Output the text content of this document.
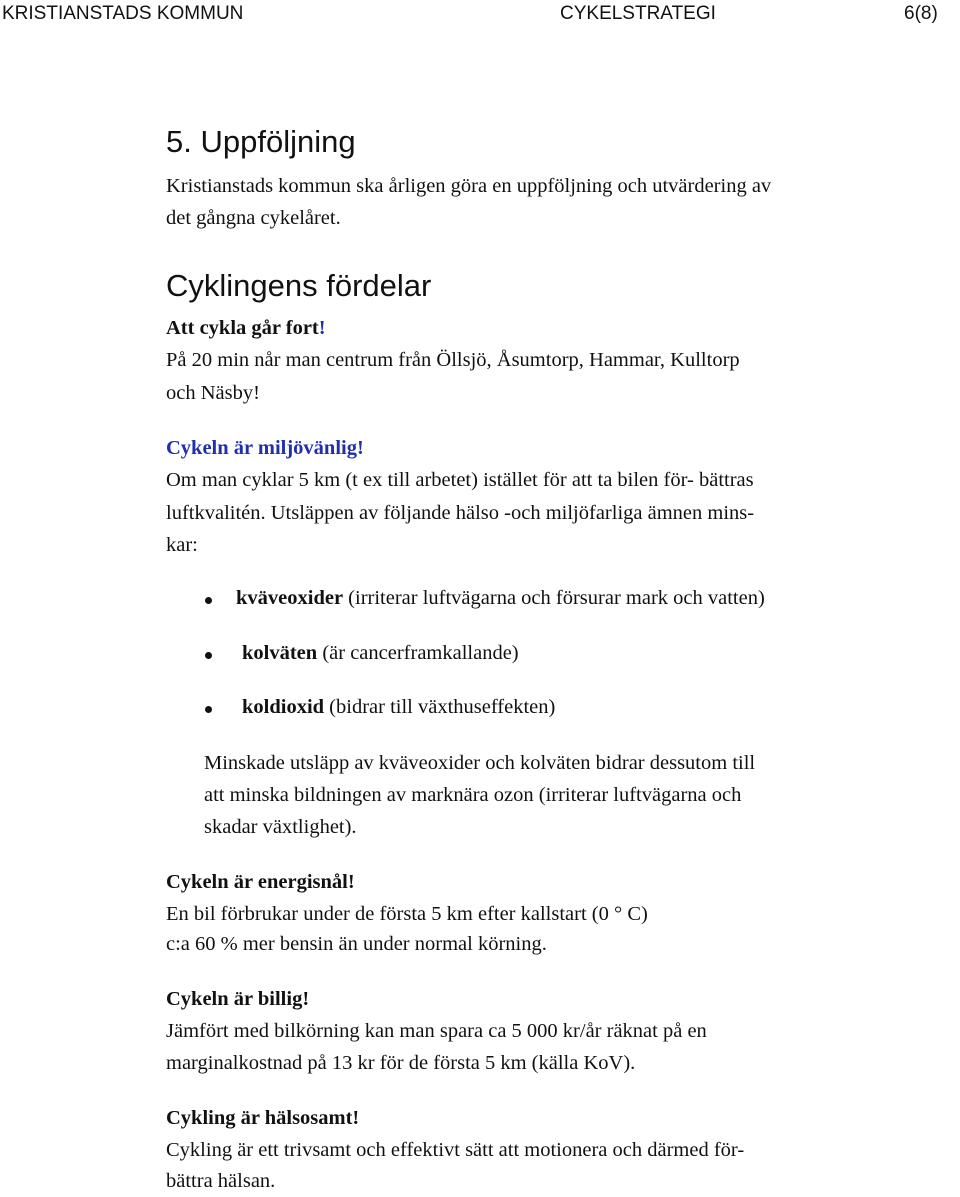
KRISTIANSTADS KOMMUN	CYKELSTRATEGI	6(8)
5. Uppföljning
Kristianstads kommun ska årligen göra en uppföljning och utvärdering av
det gångna cykelåret.
Cyklingens fördelar
Att cykla går fort!
På 20 min når man centrum från Öllsjö, Åsumtorp, Hammar, Kulltorp
och Näsby!
Cykeln är miljövänlig!
Om man cyklar 5 km (t ex till arbetet) istället för att ta bilen för- bättras
luftkvalitén. Utsläppen av följande hälso -och miljöfarliga ämnen mins-
kar:
kväveoxider (irriterar luftvägarna och försurar mark och vatten)
kolväten (är cancerframkallande)
koldioxid (bidrar till växthuseffekten)
Minskade utsläpp av kväveoxider och kolväten bidrar dessutom till
att minska bildningen av marknära ozon (irriterar luftvägarna och
skadar växtlighet).
Cykeln är energisnål!
En bil förbrukar under de första 5 km efter kallstart (0 ° C)
c:a 60 % mer bensin än under normal körning.
Cykeln är billig!
Jämfört med bilkörning kan man spara ca 5 000 kr/år räknat på en
marginalkostnad på 13 kr för de första 5 km (källa KoV).
Cykling är hälsosamt!
Cykling är ett trivsamt och effektivt sätt att motionera och därmed för-
bättra hälsan.
